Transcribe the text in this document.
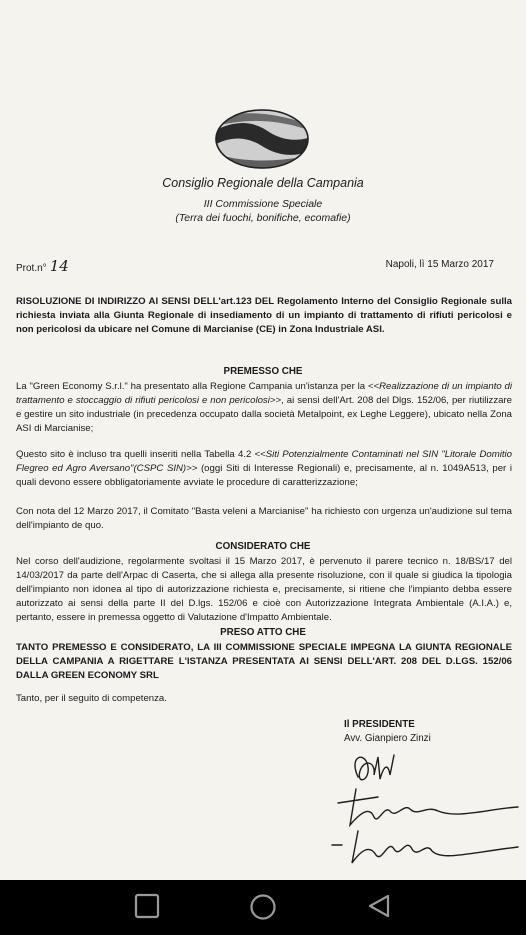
Consiglio Regionale della Campania
III Commissione Speciale
(Terra dei fuochi, bonifiche, ecomafie)
Prot.n° 14	Napoli, lì 15 Marzo 2017
RISOLUZIONE DI INDIRIZZO AI SENSI DELL'art.123 DEL Regolamento Interno del Consiglio Regionale sulla richiesta inviata alla Giunta Regionale di insediamento di un impianto di trattamento di rifiuti pericolosi e non pericolosi da ubicare nel Comune di Marcianise (CE) in Zona Industriale ASI.
PREMESSO CHE
La "Green Economy S.r.l." ha presentato alla Regione Campania un'istanza per la <<Realizzazione di un impianto di trattamento e stoccaggio di rifiuti pericolosi e non pericolosi>>, ai sensi dell'Art. 208 del Dlgs. 152/06, per riutilizzare e gestire un sito industriale (in precedenza occupato dalla società Metalpoint, ex Leghe Leggere), ubicato nella Zona ASI di Marcianise;
Questo sito è incluso tra quelli inseriti nella Tabella 4.2 <<Siti Potenzialmente Contaminati nel SIN "Litorale Domitio Flegreo ed Agro Aversano"(CSPC SIN)>> (oggi Siti di Interesse Regionali) e, precisamente, al n. 1049A513, per i quali devono essere obbligatoriamente avviate le procedure di caratterizzazione;
Con nota del 12 Marzo 2017, il Comitato "Basta veleni a Marcianise" ha richiesto con urgenza un'audizione sul tema dell'impianto de quo.
CONSIDERATO CHE
Nel corso dell'audizione, regolarmente svoltasi il 15 Marzo 2017, è pervenuto il parere tecnico n. 18/BS/17 del 14/03/2017 da parte dell'Arpac di Caserta, che si allega alla presente risoluzione, con il quale si giudica la tipologia dell'impianto non idonea al tipo di autorizzazione richiesta e, precisamente, si ritiene che l'impianto debba essere autorizzato ai sensi della parte II del D.lgs. 152/06 e cioè con Autorizzazione Integrata Ambientale (A.I.A.) e, pertanto, essere in premessa oggetto di Valutazione d'Impatto Ambientale.
PRESO ATTO CHE
TANTO PREMESSO E CONSIDERATO, LA III COMMISSIONE SPECIALE IMPEGNA LA GIUNTA REGIONALE DELLA CAMPANIA A RIGETTARE L'ISTANZA PRESENTATA AI SENSI DELL'ART. 208 DEL D.LGS. 152/06 DALLA GREEN ECONOMY SRL
Tanto, per il seguito di competenza.
Il PRESIDENTE
Avv. Gianpiero Zinzi
